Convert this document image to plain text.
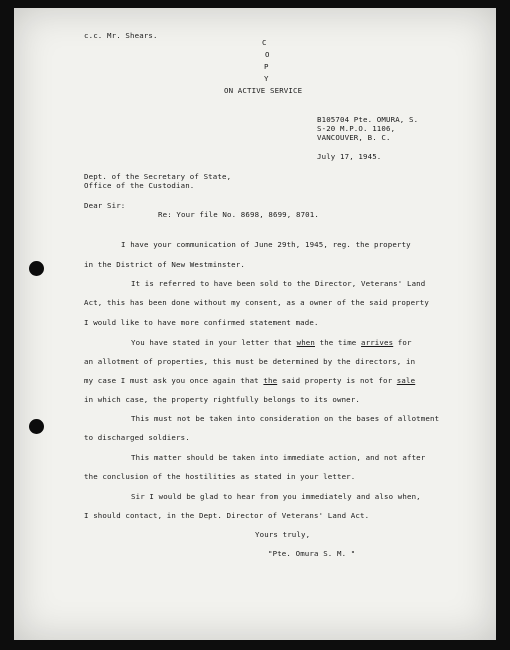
c.c. Mr. Shears.
C
O
P
Y
ON ACTIVE SERVICE
B105704 Pte. OMURA, S.
S-20 M.P.O. 1106,
VANCOUVER, B. C.
July 17, 1945.
Dept. of the Secretary of State,
Office of the Custodian.
Dear Sir:
Re: Your file No. 8698, 8699, 8701.
I have your communication of June 29th, 1945, reg. the property
in the District of New Westminster.
It is referred to have been sold to the Director, Veterans' Land
Act, this has been done without my consent, as a owner of the said property
I would like to have more confirmed statement made.
You have stated in your letter that when the time arrives for
an allotment of properties, this must be determined by the directors, in
my case I must ask you once again that the said property is not for sale
in which case, the property rightfully belongs to its owner.
This must not be taken into consideration on the bases of allotment
to discharged soldiers.
This matter should be taken into immediate action, and not after
the conclusion of the hostilities as stated in your letter.
Sir I would be glad to hear from you immediately and also when,
I should contact, in the Dept. Director of Veterans' Land Act.
Yours truly,
"Pte. Omura S. M. "
